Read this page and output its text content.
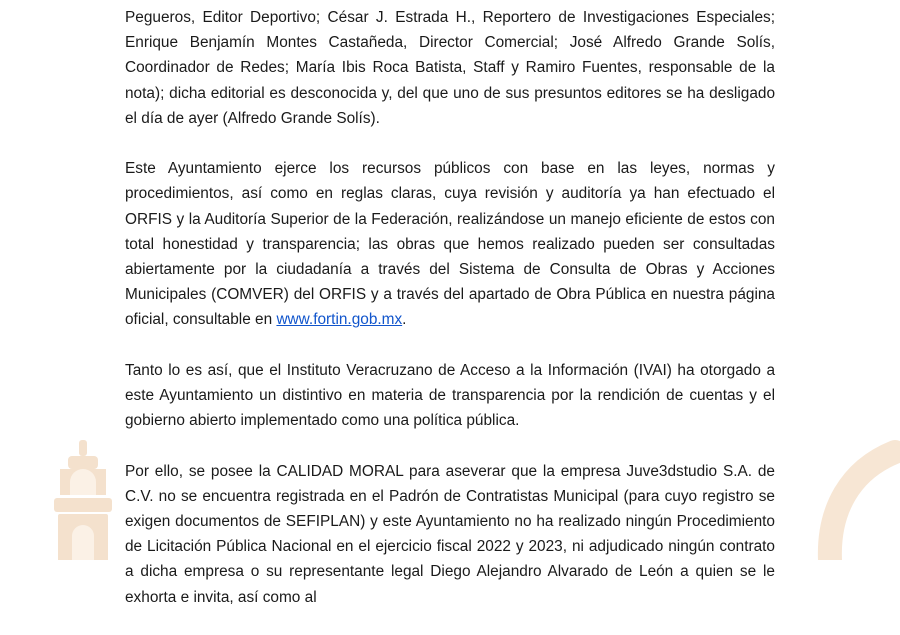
Pegueros, Editor Deportivo; César J. Estrada H., Reportero de Investigaciones Especiales; Enrique Benjamín Montes Castañeda, Director Comercial; José Alfredo Grande Solís, Coordinador de Redes; María Ibis Roca Batista, Staff y Ramiro Fuentes, responsable de la nota); dicha editorial es desconocida y, del que uno de sus presuntos editores se ha desligado el día de ayer (Alfredo Grande Solís).

Este Ayuntamiento ejerce los recursos públicos con base en las leyes, normas y procedimientos, así como en reglas claras, cuya revisión y auditoría ya han efectuado el ORFIS y la Auditoría Superior de la Federación, realizándose un manejo eficiente de estos con total honestidad y transparencia; las obras que hemos realizado pueden ser consultadas abiertamente por la ciudadanía a través del Sistema de Consulta de Obras y Acciones Municipales (COMVER) del ORFIS y a través del apartado de Obra Pública en nuestra página oficial, consultable en www.fortin.gob.mx.

Tanto lo es así, que el Instituto Veracruzano de Acceso a la Información (IVAI) ha otorgado a este Ayuntamiento un distintivo en materia de transparencia por la rendición de cuentas y el gobierno abierto implementado como una política pública.

Por ello, se posee la CALIDAD MORAL para aseverar que la empresa Juve3dstudio S.A. de C.V. no se encuentra registrada en el Padrón de Contratistas Municipal (para cuyo registro se exigen documentos de SEFIPLAN) y este Ayuntamiento no ha realizado ningún Procedimiento de Licitación Pública Nacional en el ejercicio fiscal 2022 y 2023, ni adjudicado ningún contrato a dicha empresa o su representante legal Diego Alejandro Alvarado de León a quien se le exhorta e invita, así como al
